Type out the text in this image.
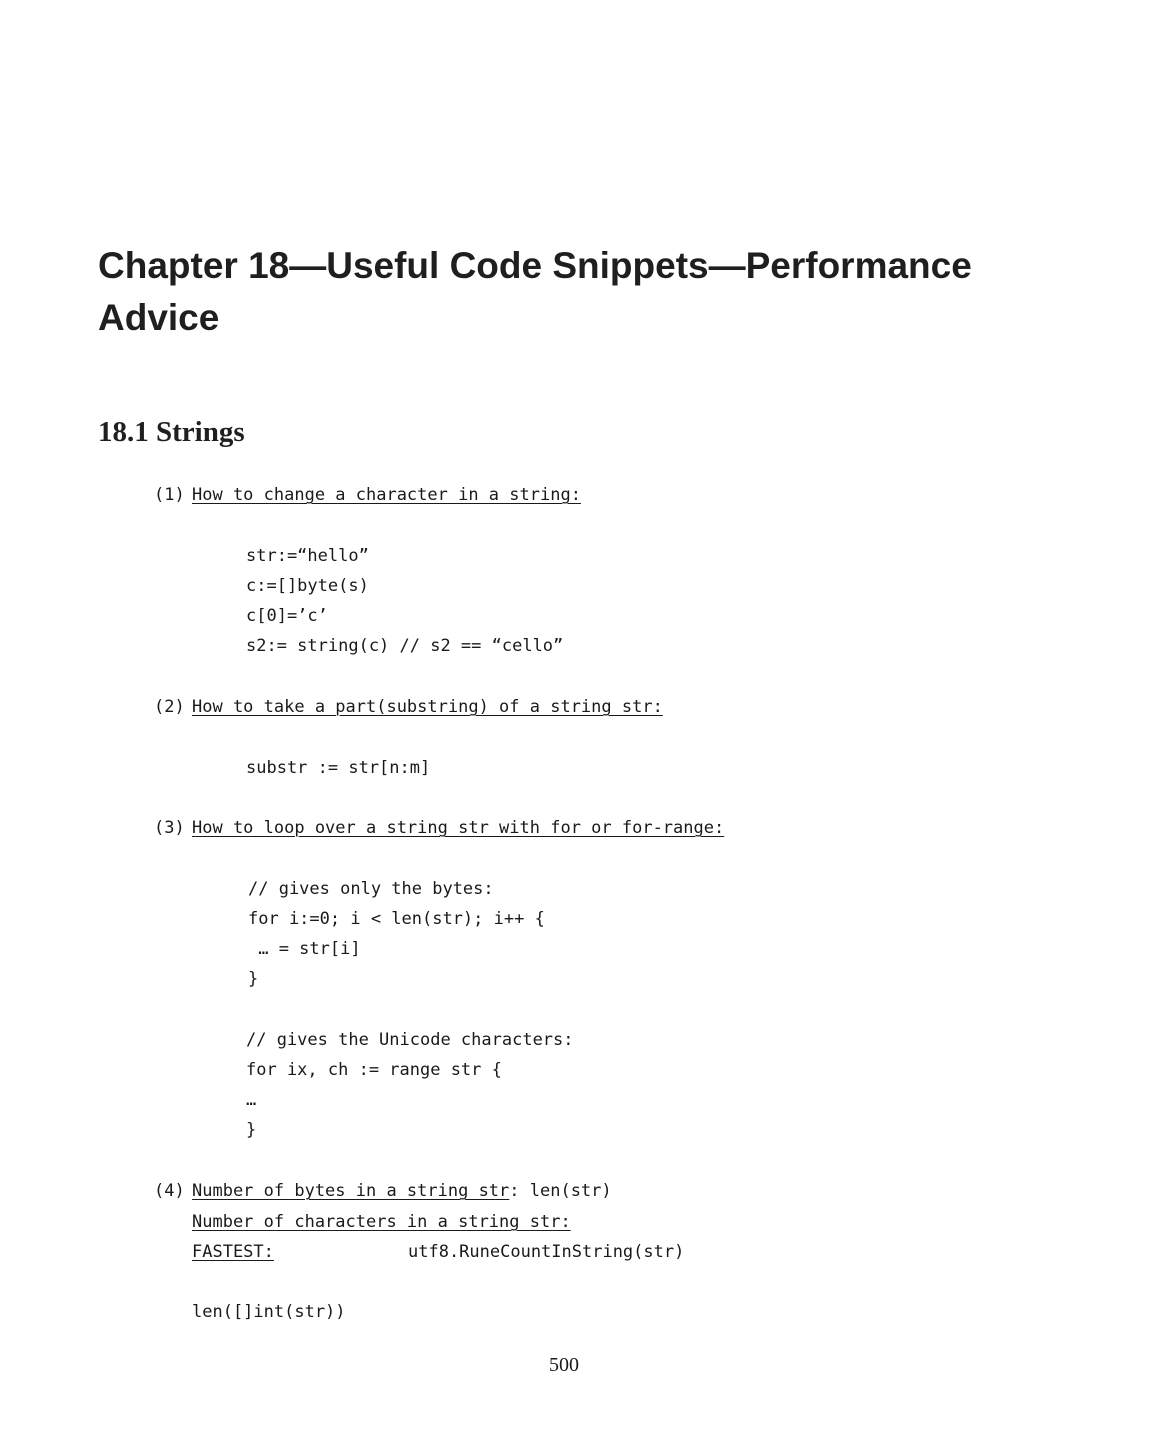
Chapter 18—Useful Code Snippets—Performance Advice
18.1 Strings
(1) How to change a character in a string:
str:=“hello”
c:=[]byte(s)
c[0]=’c’
s2:= string(c) // s2 == “cello”
(2) How to take a part(substring) of a string str:
substr := str[n:m]
(3) How to loop over a string str with for or for-range:
// gives only the bytes:
for i:=0; i < len(str); i++ {
… = str[i]
}
// gives the Unicode characters:
for ix, ch := range str {
…
}
(4) Number of bytes in a string str: len(str)
Number of characters in a string str:
FASTEST:	utf8.RuneCountInString(str)
len([]int(str))
500
